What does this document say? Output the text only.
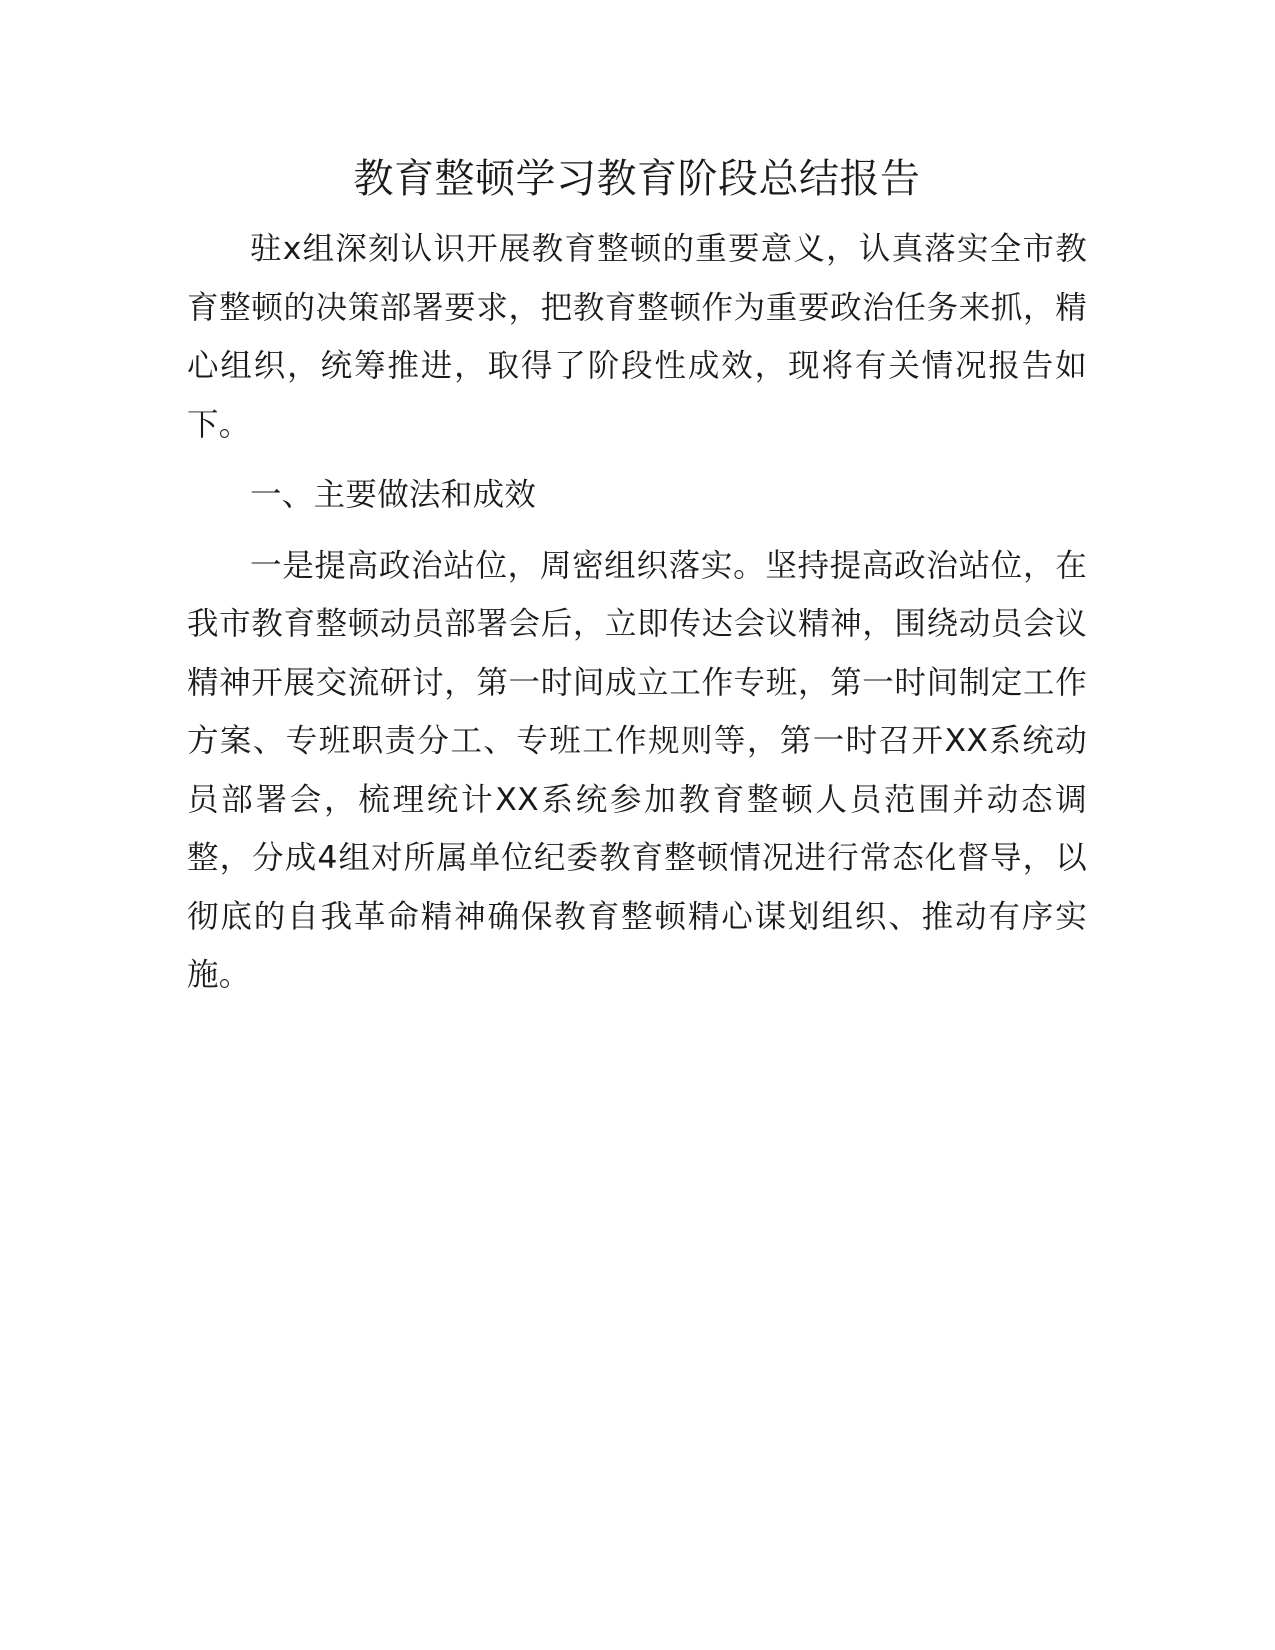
教育整顿学习教育阶段总结报告

驻x组深刻认识开展教育整顿的重要意义，认真落实全市教育整顿的决策部署要求，把教育整顿作为重要政治任务来抓，精心组织，统筹推进，取得了阶段性成效，现将有关情况报告如下。

一、主要做法和成效

一是提高政治站位，周密组织落实。坚持提高政治站位，在我市教育整顿动员部署会后，立即传达会议精神，围绕动员会议精神开展交流研讨，第一时间成立工作专班，第一时间制定工作方案、专班职责分工、专班工作规则等，第一时召开XX系统动员部署会，梳理统计XX系统参加教育整顿人员范围并动态调整，分成4组对所属单位纪委教育整顿情况进行常态化督导，以彻底的自我革命精神确保教育整顿精心谋划组织、推动有序实施。
